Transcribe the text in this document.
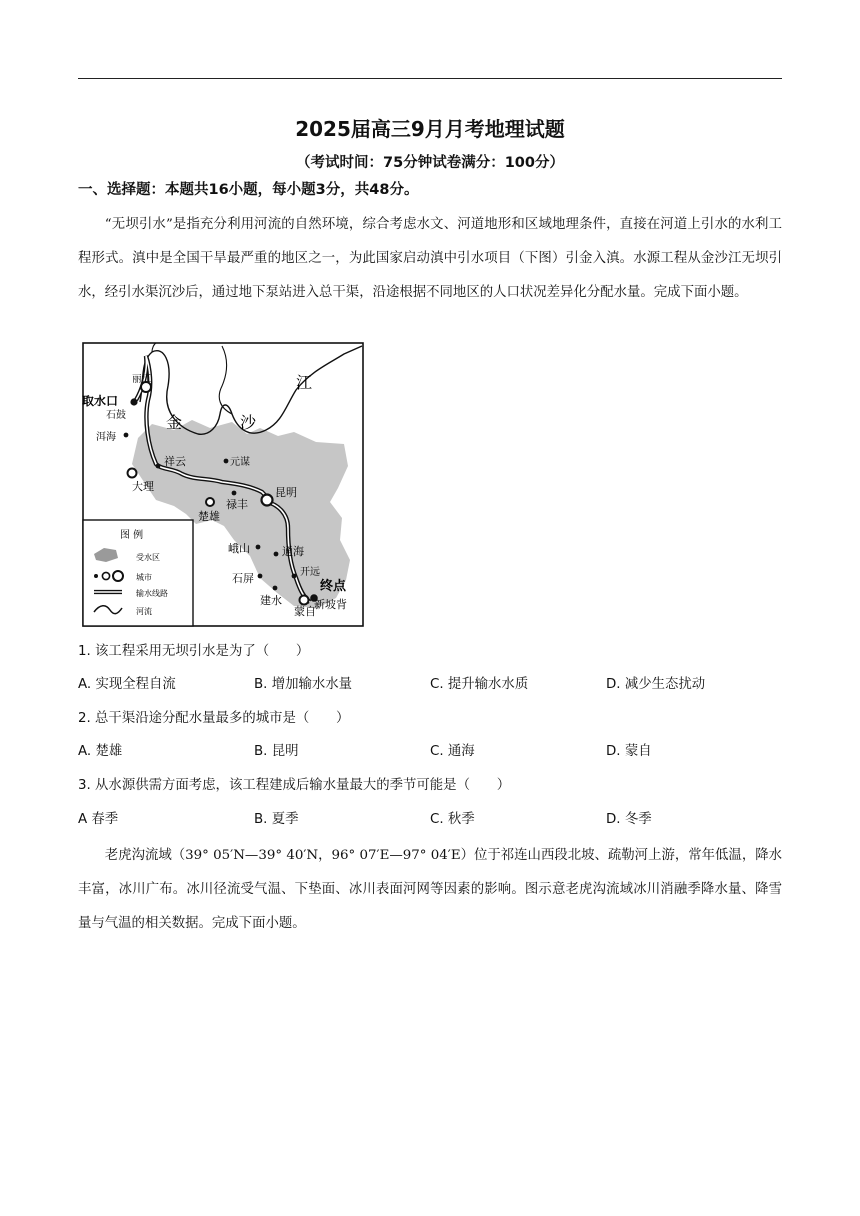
2025届高三9月月考地理试题
（考试时间：75分钟试卷满分：100分）
一、选择题：本题共16小题，每小题3分，共48分。

“无坝引水”是指充分利用河流的自然环境，综合考虑水文、河道地形和区域地理条件，直接在河道上引水的水利工程形式。滇中是全国干旱最严重的地区之一，为此国家启动滇中引水项目（下图）引金入滇。水源工程从金沙江无坝引水，经引水渠沉沙后，通过地下泵站进入总干渠，沿途根据不同地区的人口状况差异化分配水量。完成下面小题。

金	沙
江
丽江
取水口
石鼓
洱海
大理
祥云	元谋
楚雄
禄丰
昆明
峨山	通海
开远
石屏
建水
蒙自
新坡背
终点
图 例
受水区
城市
输水线路
河流
1. 该工程采用无坝引水是为了（　　）
A. 实现全程自流	B. 增加输水水量	C. 提升输水水质	D. 减少生态扰动
2. 总干渠沿途分配水量最多的城市是（　　）
A. 楚雄	B. 昆明	C. 通海	D. 蒙自
3. 从水源供需方面考虑，该工程建成后输水量最大的季节可能是（　　）
A 春季	B. 夏季	C. 秋季	D. 冬季

老虎沟流域（39° 05′N—39° 40′N，96° 07′E—97° 04′E）位于祁连山西段北坡、疏勒河上游，常年低温，降水丰富，冰川广布。冰川径流受气温、下垫面、冰川表面河网等因素的影响。图示意老虎沟流域冰川消融季降水量、降雪量与气温的相关数据。完成下面小题。
